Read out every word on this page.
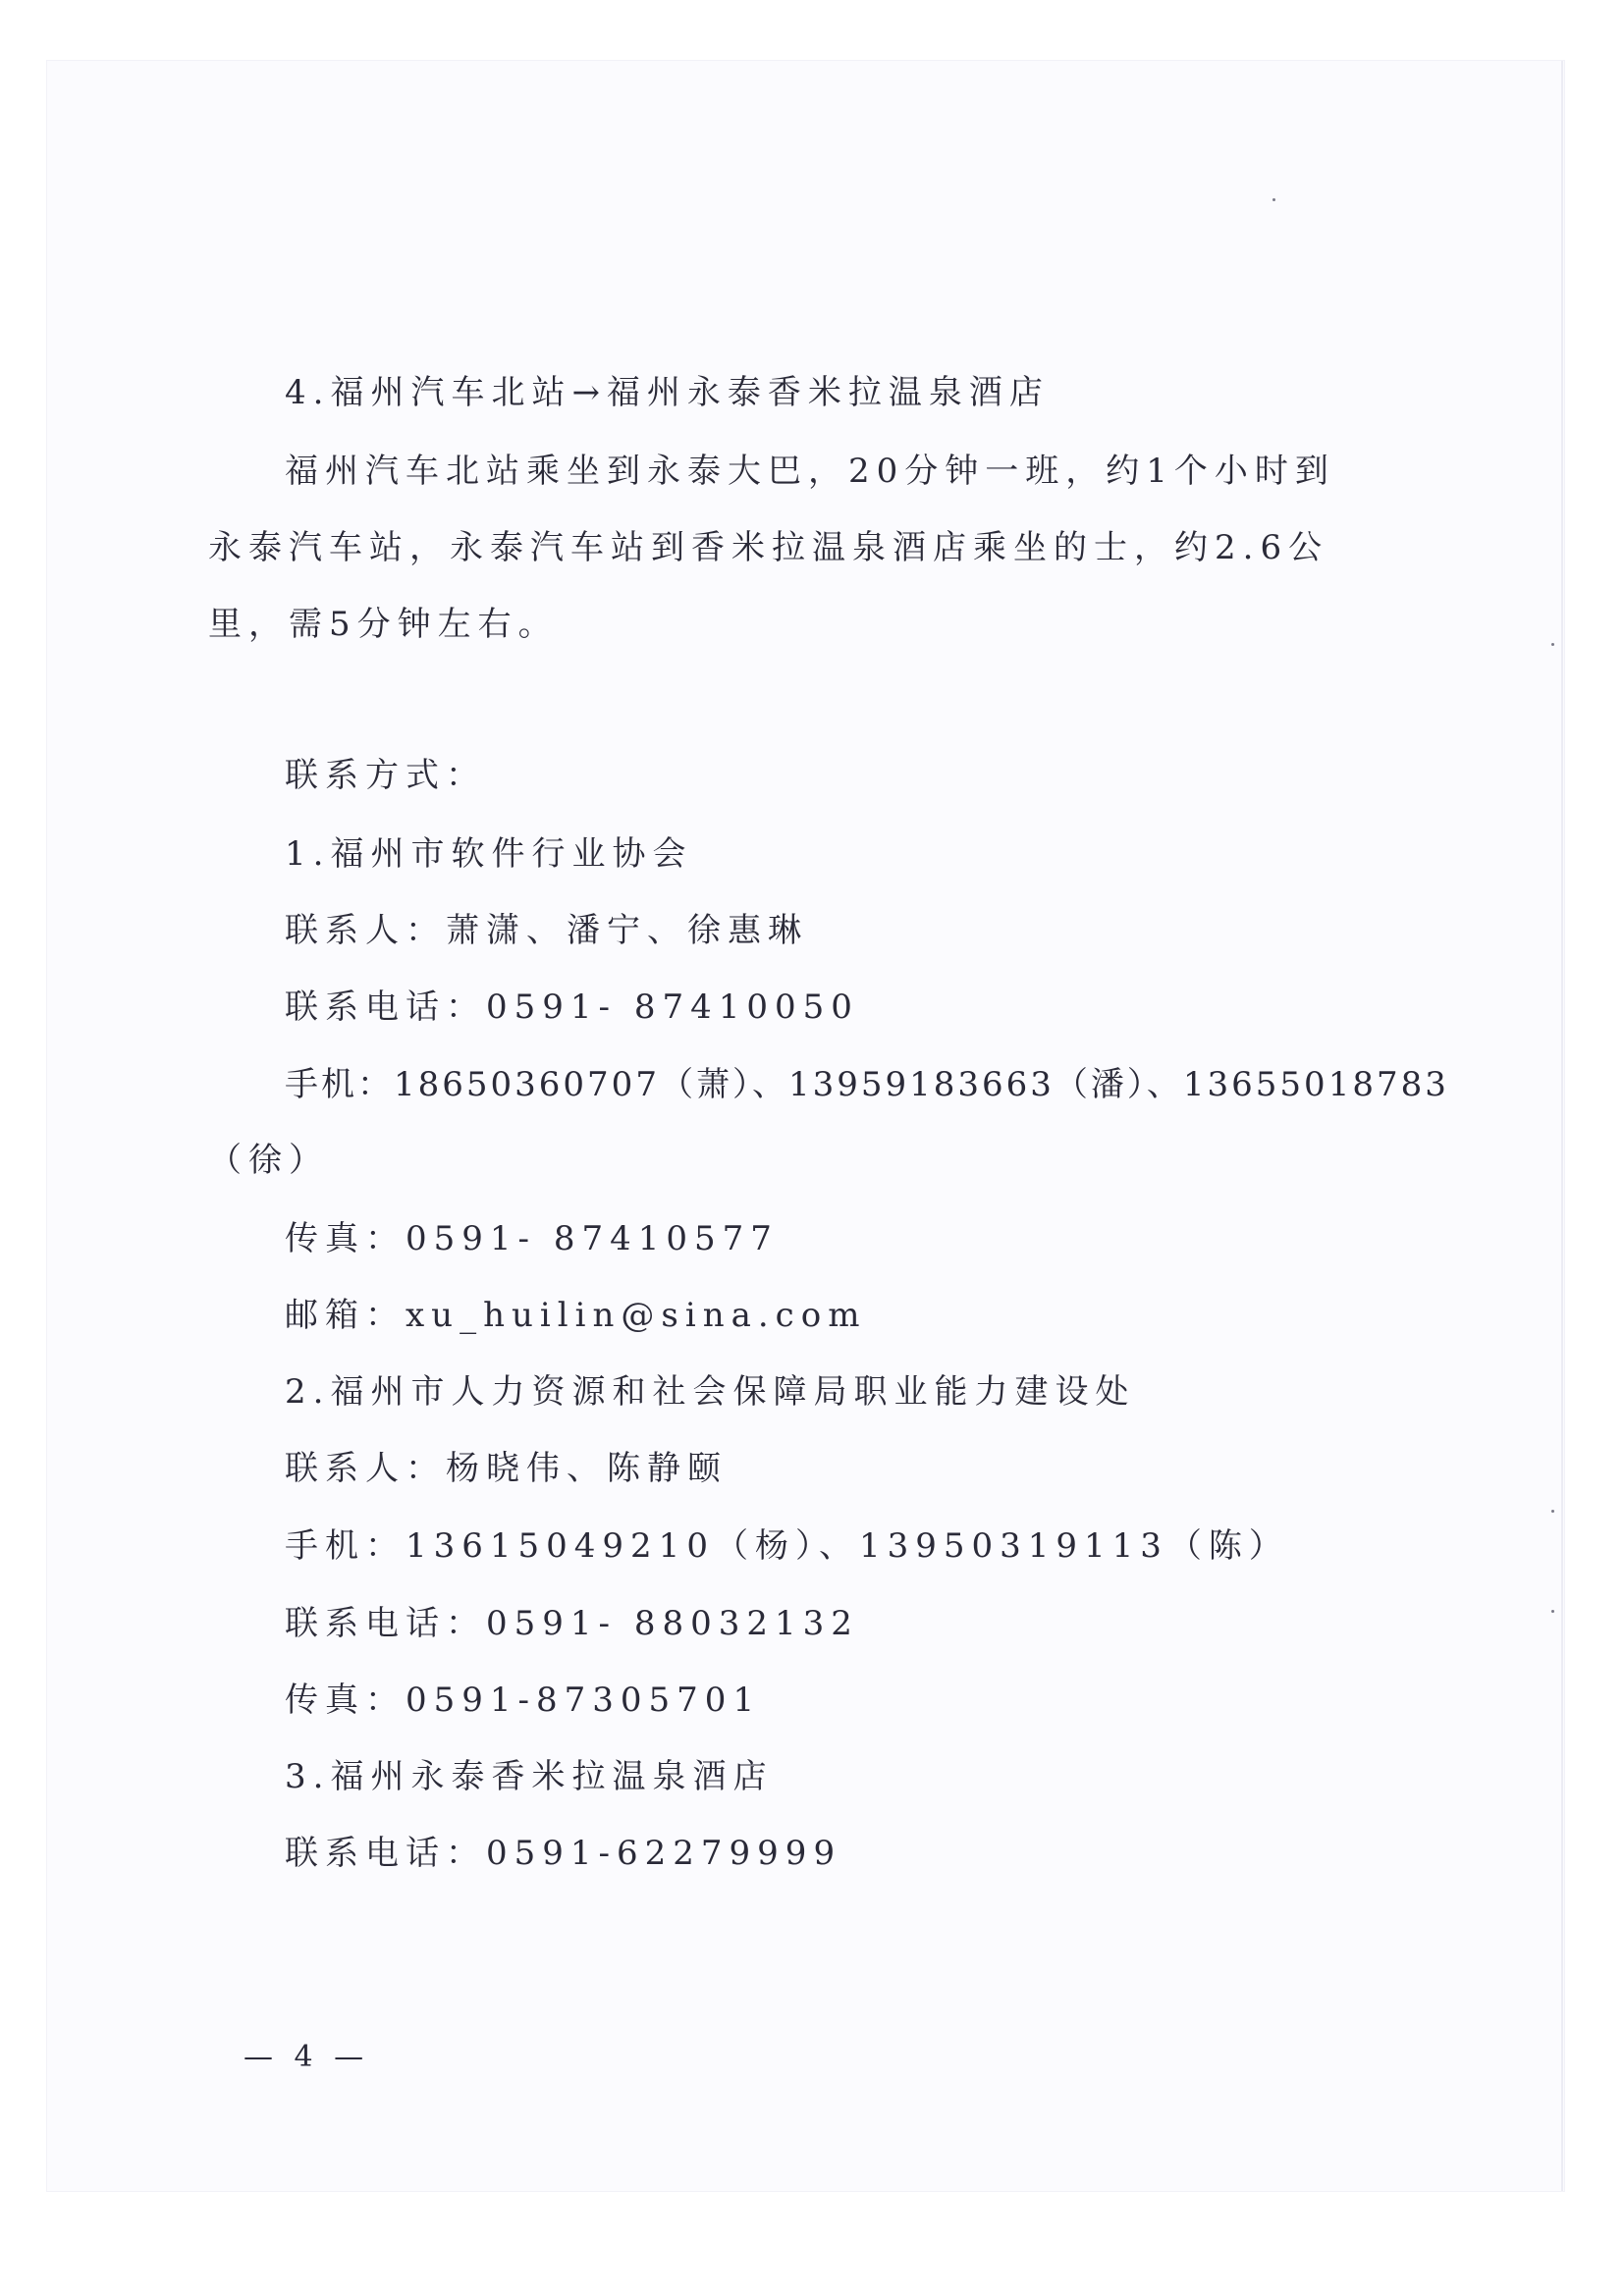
4.福州汽车北站→福州永泰香米拉温泉酒店
福州汽车北站乘坐到永泰大巴，20分钟一班，约1个小时到
永泰汽车站，永泰汽车站到香米拉温泉酒店乘坐的士，约2.6公
里，需5分钟左右。
联系方式：
1.福州市软件行业协会
联系人：萧潇、潘宁、徐惠琳
联系电话：0591- 87410050
手机：18650360707（萧）、13959183663（潘）、13655018783
（徐）
传真：0591- 87410577
邮箱：xu_huilin@sina.com
2.福州市人力资源和社会保障局职业能力建设处
联系人：杨晓伟、陈静颐
手机：13615049210（杨）、13950319113（陈）
联系电话：0591- 88032132
传真：0591-87305701
3.福州永泰香米拉温泉酒店
联系电话：0591-62279999
— 4 —
